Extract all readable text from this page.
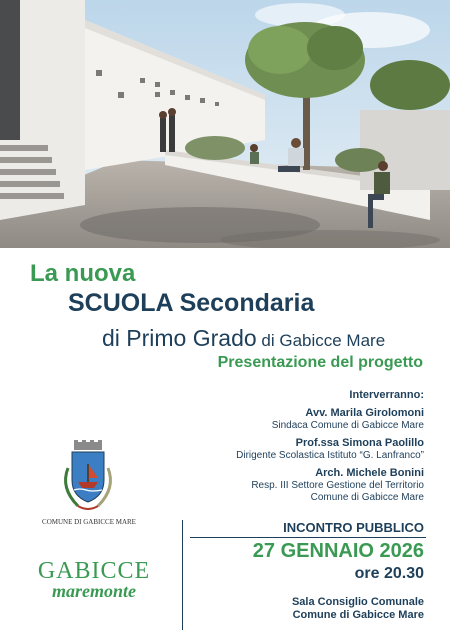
La nuova
SCUOLA Secondaria
di Primo Grado di Gabicce Mare
Presentazione del progetto
Interverranno:
Avv. Marila Girolomoni
Sindaca Comune di Gabicce Mare
Prof.ssa Simona Paolillo
Dirigente Scolastica Istituto “G. Lanfranco”
Arch. Michele Bonini
Resp. III Settore Gestione del Territorio
Comune di Gabicce Mare
COMUNE DI GABICCE MARE
GABICCE
maremonte
INCONTRO PUBBLICO
27 GENNAIO 2026
ore 20.30
Sala Consiglio Comunale
Comune di Gabicce Mare
